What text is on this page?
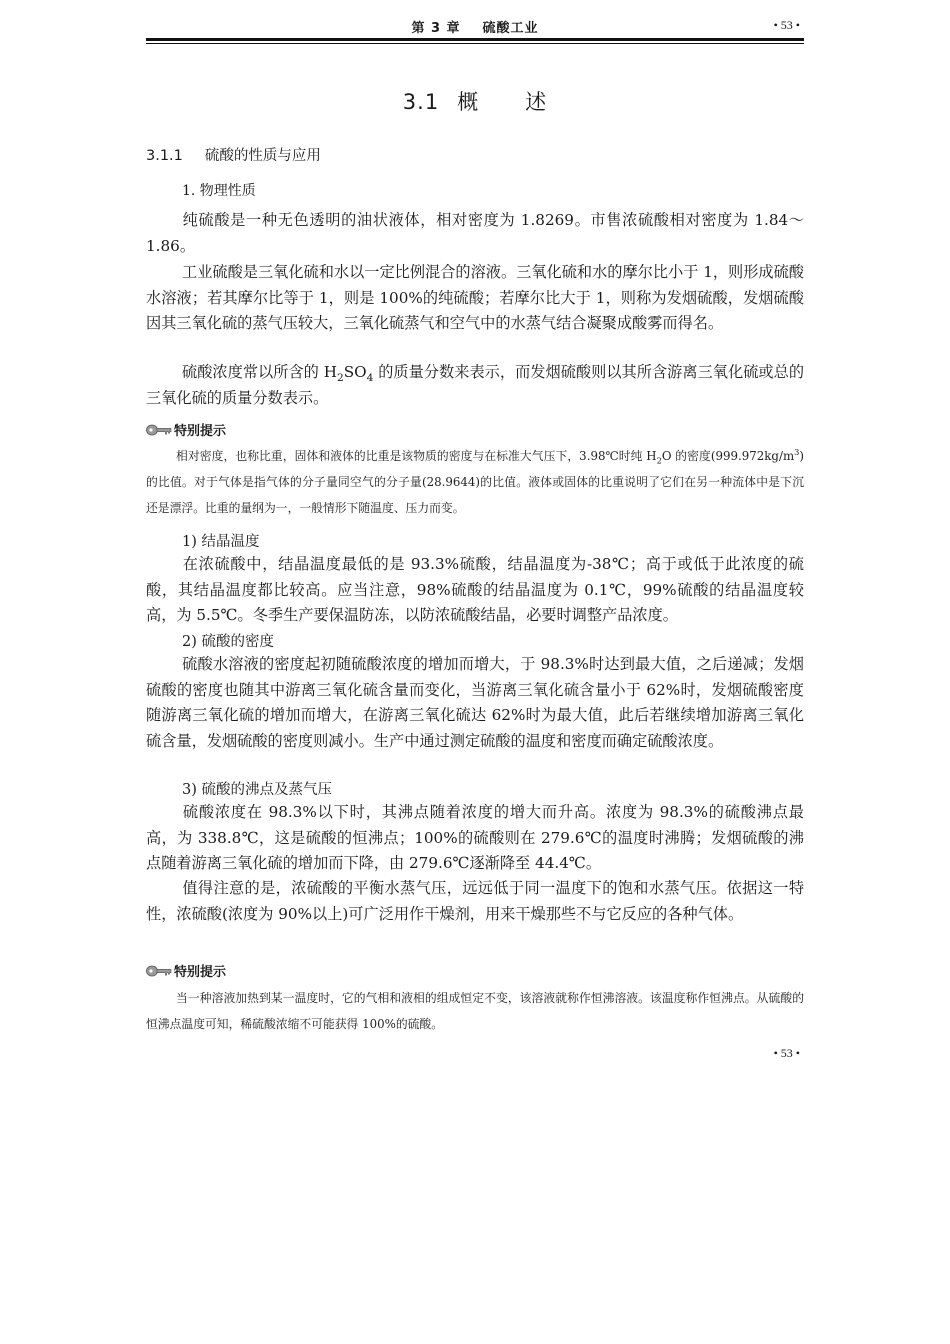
第 3 章 硫酸工业	• 53 •
3.1 概 述
3.1.1 硫酸的性质与应用
1. 物理性质
纯硫酸是一种无色透明的油状液体，相对密度为 1.8269。市售浓硫酸相对密度为 1.84～1.86。
工业硫酸是三氧化硫和水以一定比例混合的溶液。三氧化硫和水的摩尔比小于 1，则形成硫酸水溶液；若其摩尔比等于 1，则是 100%的纯硫酸；若摩尔比大于 1，则称为发烟硫酸，发烟硫酸因其三氧化硫的蒸气压较大，三氧化硫蒸气和空气中的水蒸气结合凝聚成酸雾而得名。
硫酸浓度常以所含的 $H_2SO_4$ 的质量分数来表示，而发烟硫酸则以其所含游离三氧化硫或总的三氧化硫的质量分数表示。
特别提示
相对密度，也称比重，固体和液体的比重是该物质的密度与在标准大气压下，3.98℃时纯 $H_2O$ 的密度$(999.972kg/m^3)$的比值。对于气体是指气体的分子量同空气的分子量(28.9644)的比值。液体或固体的比重说明了它们在另一种流体中是下沉还是漂浮。比重的量纲为一，一般情形下随温度、压力而变。
1) 结晶温度
在浓硫酸中，结晶温度最低的是 93.3%硫酸，结晶温度为-38℃；高于或低于此浓度的硫酸，其结晶温度都比较高。应当注意，98%硫酸的结晶温度为 0.1℃，99%硫酸的结晶温度较高，为 5.5℃。冬季生产要保温防冻，以防浓硫酸结晶，必要时调整产品浓度。
2) 硫酸的密度
硫酸水溶液的密度起初随硫酸浓度的增加而增大，于 98.3%时达到最大值，之后递减；发烟硫酸的密度也随其中游离三氧化硫含量而变化，当游离三氧化硫含量小于 62%时，发烟硫酸密度随游离三氧化硫的增加而增大，在游离三氧化硫达 62%时为最大值，此后若继续增加游离三氧化硫含量，发烟硫酸的密度则减小。生产中通过测定硫酸的温度和密度而确定硫酸浓度。
3) 硫酸的沸点及蒸气压
硫酸浓度在 98.3%以下时，其沸点随着浓度的增大而升高。浓度为 98.3%的硫酸沸点最高，为 338.8℃，这是硫酸的恒沸点；100%的硫酸则在 279.6℃的温度时沸腾；发烟硫酸的沸点随着游离三氧化硫的增加而下降，由 279.6℃逐渐降至 44.4℃。
值得注意的是，浓硫酸的平衡水蒸气压，远远低于同一温度下的饱和水蒸气压。依据这一特性，浓硫酸(浓度为 90%以上)可广泛用作干燥剂，用来干燥那些不与它反应的各种气体。
特别提示
当一种溶液加热到某一温度时，它的气相和液相的组成恒定不变，该溶液就称作恒沸溶液。该温度称作恒沸点。从硫酸的恒沸点温度可知，稀硫酸浓缩不可能获得 100%的硫酸。
• 53 •
